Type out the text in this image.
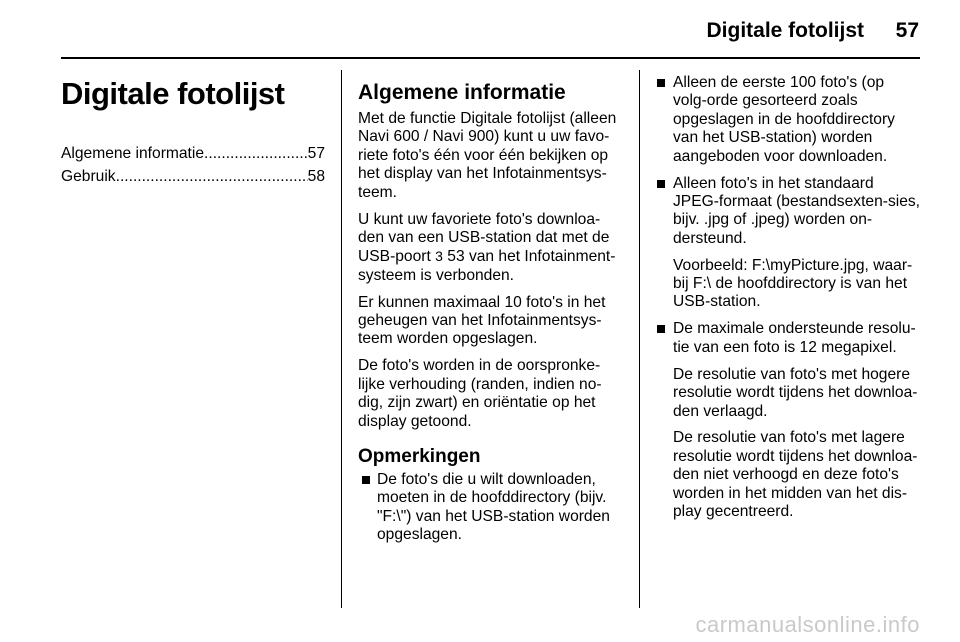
Digitale fotolijst 57
Digitale fotolijst
Algemene informatie .....	57
Gebruik .....	58
Algemene informatie

Met de functie Digitale fotolijst (alleen Navi 600 / Navi 900) kunt u uw favo-riete foto's één voor één bekijken op het display van het Infotainmentsys-teem.

U kunt uw favoriete foto's downloa-den van een USB-station dat met de USB-poort 3 53 van het Infotainment-systeem is verbonden.

Er kunnen maximaal 10 foto's in het geheugen van het Infotainmentsys-teem worden opgeslagen.

De foto's worden in de oorspronke-lijke verhouding (randen, indien no-dig, zijn zwart) en oriëntatie op het display getoond.

Opmerkingen
De foto's die u wilt downloaden, moeten in de hoofddirectory (bijv. "F:\") van het USB-station worden opgeslagen.
Alleen de eerste 100 foto's (op volg-orde gesorteerd zoals opgeslagen in de hoofddirectory van het USB-station) worden aangeboden voor downloaden.
Alleen foto's in het standaard JPEG-formaat (bestandsexten-sies, bijv. .jpg of .jpeg) worden on-dersteund.
Voorbeeld: F:\myPicture.jpg, waar-bij F:\ de hoofddirectory is van het USB-station.
De maximale ondersteunde resolu-tie van een foto is 12 megapixel.
De resolutie van foto's met hogere resolutie wordt tijdens het downloa-den verlaagd.
De resolutie van foto's met lagere resolutie wordt tijdens het downloa-den niet verhoogd en deze foto's worden in het midden van het dis-play gecentreerd.
carmanualsonline.info
